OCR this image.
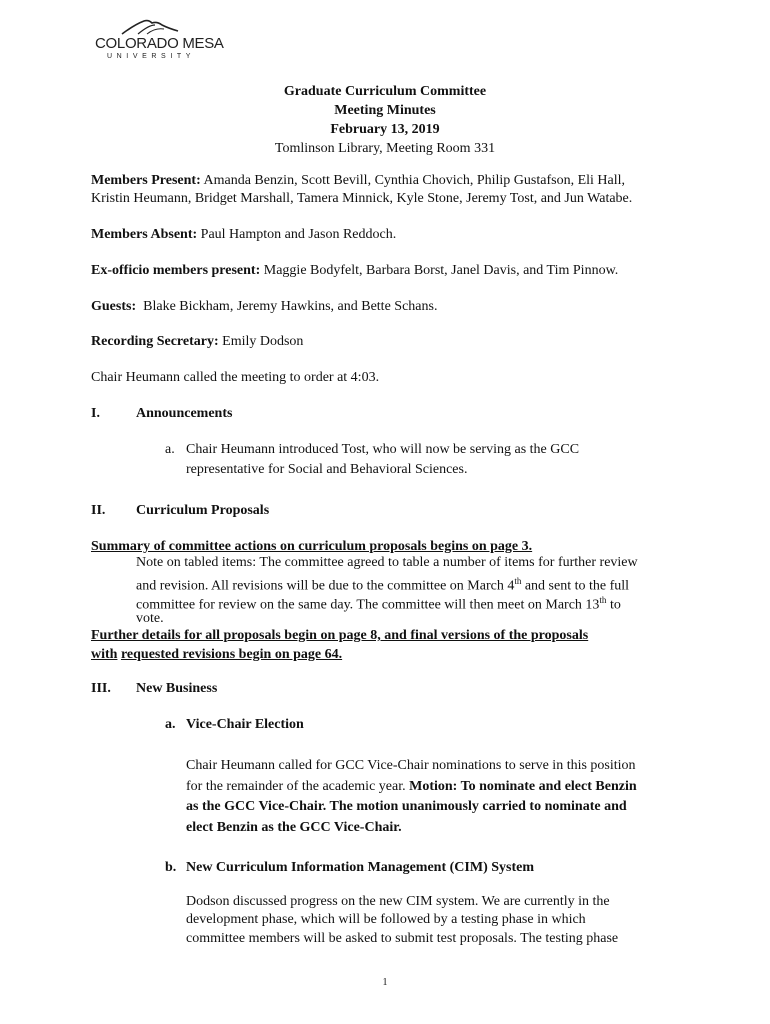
COLORADO MESA
UNIVERSITY
Graduate Curriculum Committee
Meeting Minutes
February 13, 2019
Tomlinson Library, Meeting Room 331
Members Present: Amanda Benzin, Scott Bevill, Cynthia Chovich, Philip Gustafson, Eli Hall,
Kristin Heumann, Bridget Marshall, Tamera Minnick, Kyle Stone, Jeremy Tost, and Jun Watabe.
Members Absent: Paul Hampton and Jason Reddoch.
Ex-officio members present: Maggie Bodyfelt, Barbara Borst, Janel Davis, and Tim Pinnow.
Guests:  Blake Bickham, Jeremy Hawkins, and Bette Schans.
Recording Secretary: Emily Dodson
Chair Heumann called the meeting to order at 4:03.
I.	Announcements
a. Chair Heumann introduced Tost, who will now be serving as the GCC
representative for Social and Behavioral Sciences.
II. Curriculum Proposals
Summary of committee actions on curriculum proposals begins on page 3.
Note on tabled items: The committee agreed to table a number of items for further review
and revision. All revisions will be due to the committee on March 4th and sent to the full
committee for review on the same day. The committee will then meet on March 13th to
vote.
Further details for all proposals begin on page 8, and final versions of the proposals
with requested revisions begin on page 64.
III. New Business
a. Vice-Chair Election
Chair Heumann called for GCC Vice-Chair nominations to serve in this position
for the remainder of the academic year. Motion: To nominate and elect Benzin
as the GCC Vice-Chair. The motion unanimously carried to nominate and
elect Benzin as the GCC Vice-Chair.
b. New Curriculum Information Management (CIM) System
Dodson discussed progress on the new CIM system. We are currently in the
development phase, which will be followed by a testing phase in which
committee members will be asked to submit test proposals. The testing phase
1
